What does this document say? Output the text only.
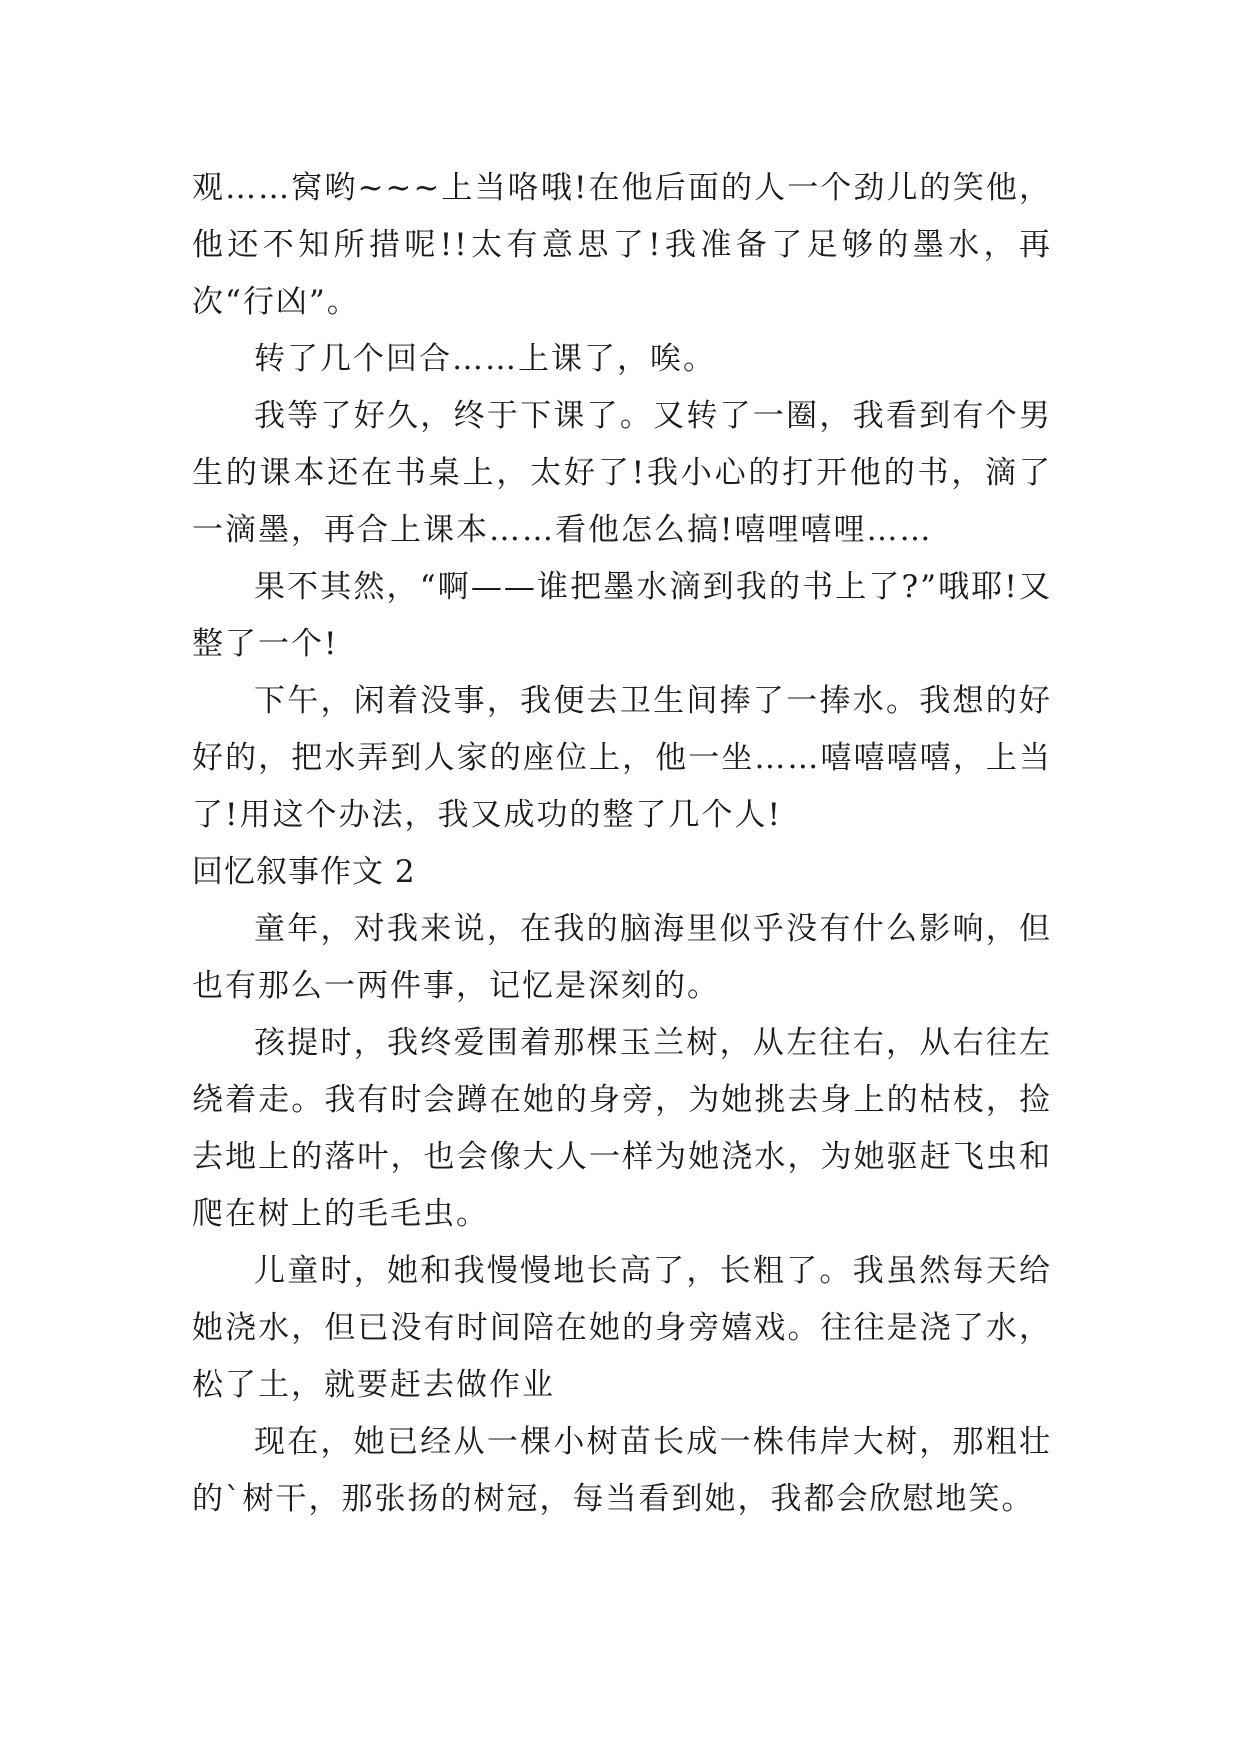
观……窝哟~~~上当咯哦!在他后面的人一个劲儿的笑他，他还不知所措呢!!太有意思了!我准备了足够的墨水，再次“行凶”。

转了几个回合……上课了，唉。

我等了好久，终于下课了。又转了一圈，我看到有个男生的课本还在书桌上，太好了!我小心的打开他的书，滴了一滴墨，再合上课本……看他怎么搞!嘻哩嘻哩……

果不其然，“啊——谁把墨水滴到我的书上了?”哦耶!又整了一个!

下午，闲着没事，我便去卫生间捧了一捧水。我想的好好的，把水弄到人家的座位上，他一坐……嘻嘻嘻嘻，上当了!用这个办法，我又成功的整了几个人!

回忆叙事作文 2

童年，对我来说，在我的脑海里似乎没有什么影响，但也有那么一两件事，记忆是深刻的。

孩提时，我终爱围着那棵玉兰树，从左往右，从右往左绕着走。我有时会蹲在她的身旁，为她挑去身上的枯枝，捡去地上的落叶，也会像大人一样为她浇水，为她驱赶飞虫和爬在树上的毛毛虫。

儿童时，她和我慢慢地长高了，长粗了。我虽然每天给她浇水，但已没有时间陪在她的身旁嬉戏。往往是浇了水，松了土，就要赶去做作业

现在，她已经从一棵小树苗长成一株伟岸大树，那粗壮的`树干，那张扬的树冠，每当看到她，我都会欣慰地笑。
